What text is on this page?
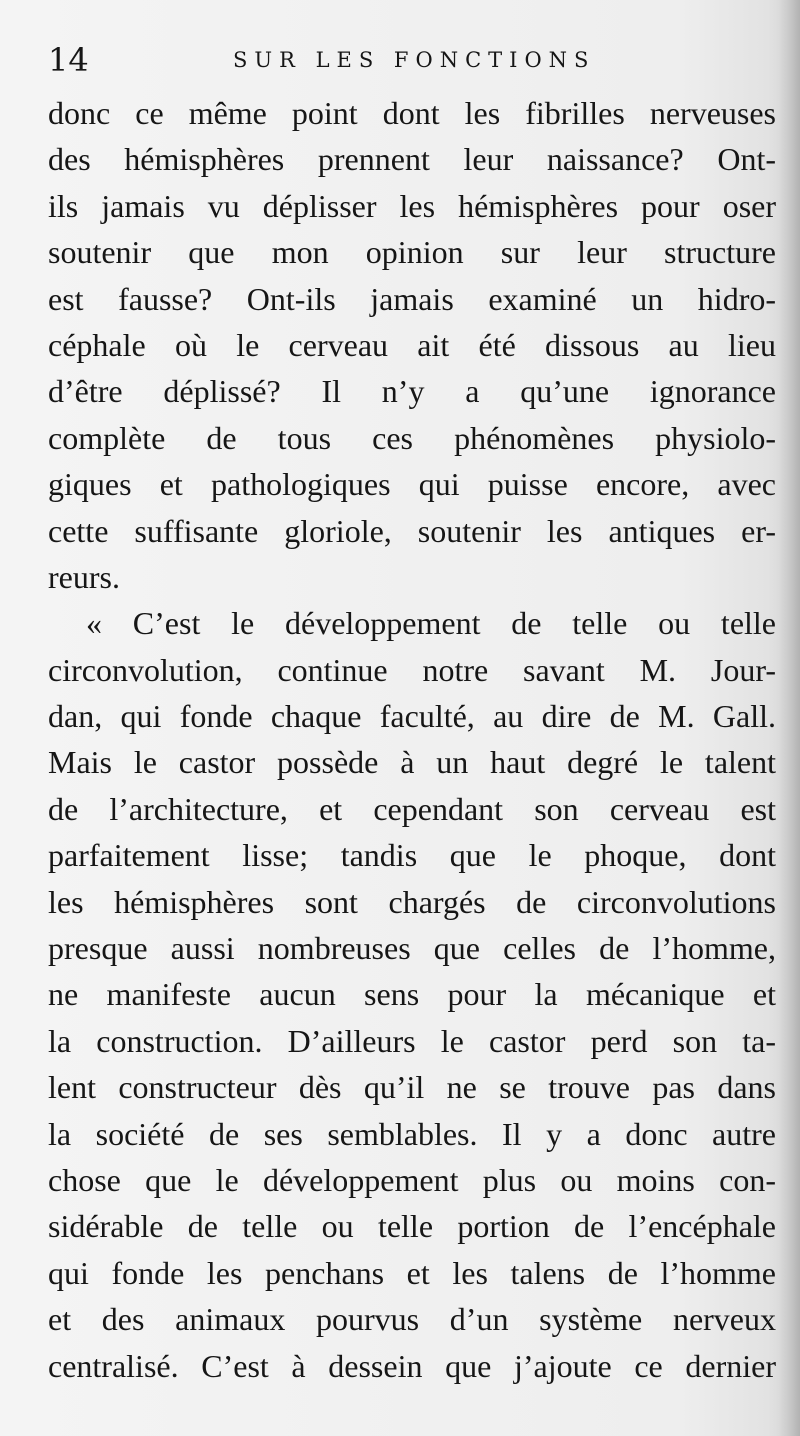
14	SUR LES FONCTIONS
donc ce même point dont les fibrilles nerveuses
des hémisphères prennent leur naissance? Ont-
ils jamais vu déplisser les hémisphères pour oser
soutenir que mon opinion sur leur structure
est fausse? Ont-ils jamais examiné un hidro-
céphale où le cerveau ait été dissous au lieu
d’être déplissé? Il n’y a qu’une ignorance
complète de tous ces phénomènes physiolo-
giques et pathologiques qui puisse encore, avec
cette suffisante gloriole, soutenir les antiques er-
reurs.
« C’est le développement de telle ou telle
circonvolution, continue notre savant M. Jour-
dan, qui fonde chaque faculté, au dire de M. Gall.
Mais le castor possède à un haut degré le talent
de l’architecture, et cependant son cerveau est
parfaitement lisse; tandis que le phoque, dont
les hémisphères sont chargés de circonvolutions
presque aussi nombreuses que celles de l’homme,
ne manifeste aucun sens pour la mécanique et
la construction. D’ailleurs le castor perd son ta-
lent constructeur dès qu’il ne se trouve pas dans
la société de ses semblables. Il y a donc autre
chose que le développement plus ou moins con-
sidérable de telle ou telle portion de l’encéphale
qui fonde les penchans et les talens de l’homme
et des animaux pourvus d’un système nerveux
centralisé. C’est à dessein que j’ajoute ce dernier
